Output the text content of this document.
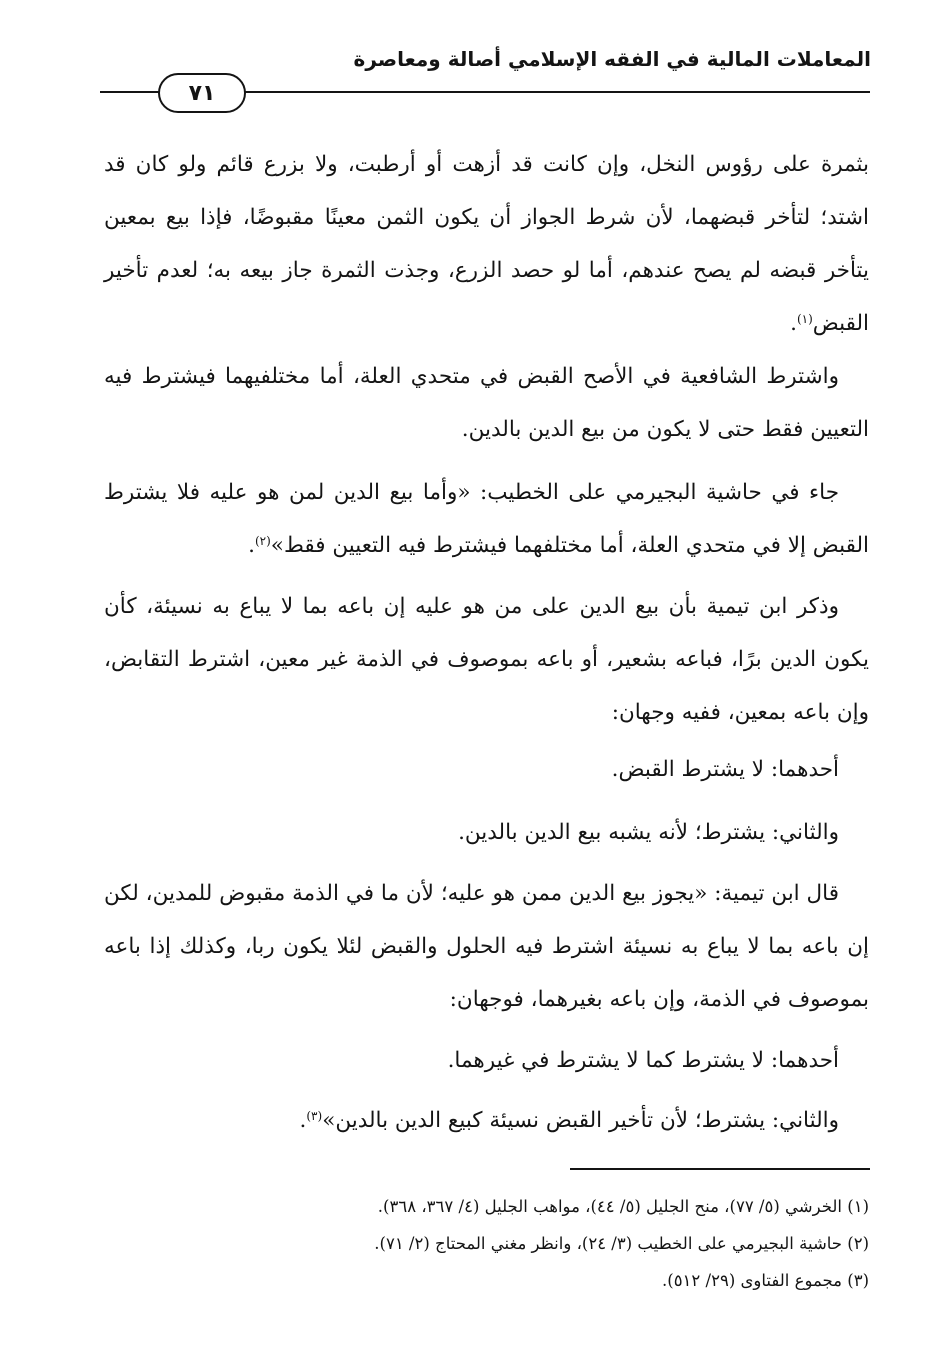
المعاملات المالية في الفقه الإسلامي أصالة ومعاصرة
٧١

بثمرة على رؤوس النخل، وإن كانت قد أزهت أو أرطبت، ولا بزرع قائم ولو كان قد اشتد؛ لتأخر قبضهما، لأن شرط الجواز أن يكون الثمن معينًا مقبوضًا، فإذا بيع بمعين يتأخر قبضه لم يصح عندهم، أما لو حصد الزرع، وجذت الثمرة جاز بيعه به؛ لعدم تأخير القبض$^{(١)}$.

واشترط الشافعية في الأصح القبض في متحدي العلة، أما مختلفيهما فيشترط فيه التعيين فقط حتى لا يكون من بيع الدين بالدين.

جاء في حاشية البجيرمي على الخطيب: «وأما بيع الدين لمن هو عليه فلا يشترط القبض إلا في متحدي العلة، أما مختلفهما فيشترط فيه التعيين فقط»$^{(٢)}$.

وذكر ابن تيمية بأن بيع الدين على من هو عليه إن باعه بما لا يباع به نسيئة، كأن يكون الدين برًا، فباعه بشعير، أو باعه بموصوف في الذمة غير معين، اشترط التقابض، وإن باعه بمعين، ففيه وجهان:

أحدهما: لا يشترط القبض.

والثاني: يشترط؛ لأنه يشبه بيع الدين بالدين.

قال ابن تيمية: «يجوز بيع الدين ممن هو عليه؛ لأن ما في الذمة مقبوض للمدين، لكن إن باعه بما لا يباع به نسيئة اشترط فيه الحلول والقبض لئلا يكون ربا، وكذلك إذا باعه بموصوف في الذمة، وإن باعه بغيرهما، فوجهان:

أحدهما: لا يشترط كما لا يشترط في غيرهما.

والثاني: يشترط؛ لأن تأخير القبض نسيئة كبيع الدين بالدين»$^{(٣)}$.

(١) الخرشي (٥/ ٧٧)، منح الجليل (٥/ ٤٤)، مواهب الجليل (٤/ ٣٦٧، ٣٦٨).
(٢) حاشية البجيرمي على الخطيب (٣/ ٢٤)، وانظر مغني المحتاج (٢/ ٧١).
(٣) مجموع الفتاوى (٢٩/ ٥١٢).
